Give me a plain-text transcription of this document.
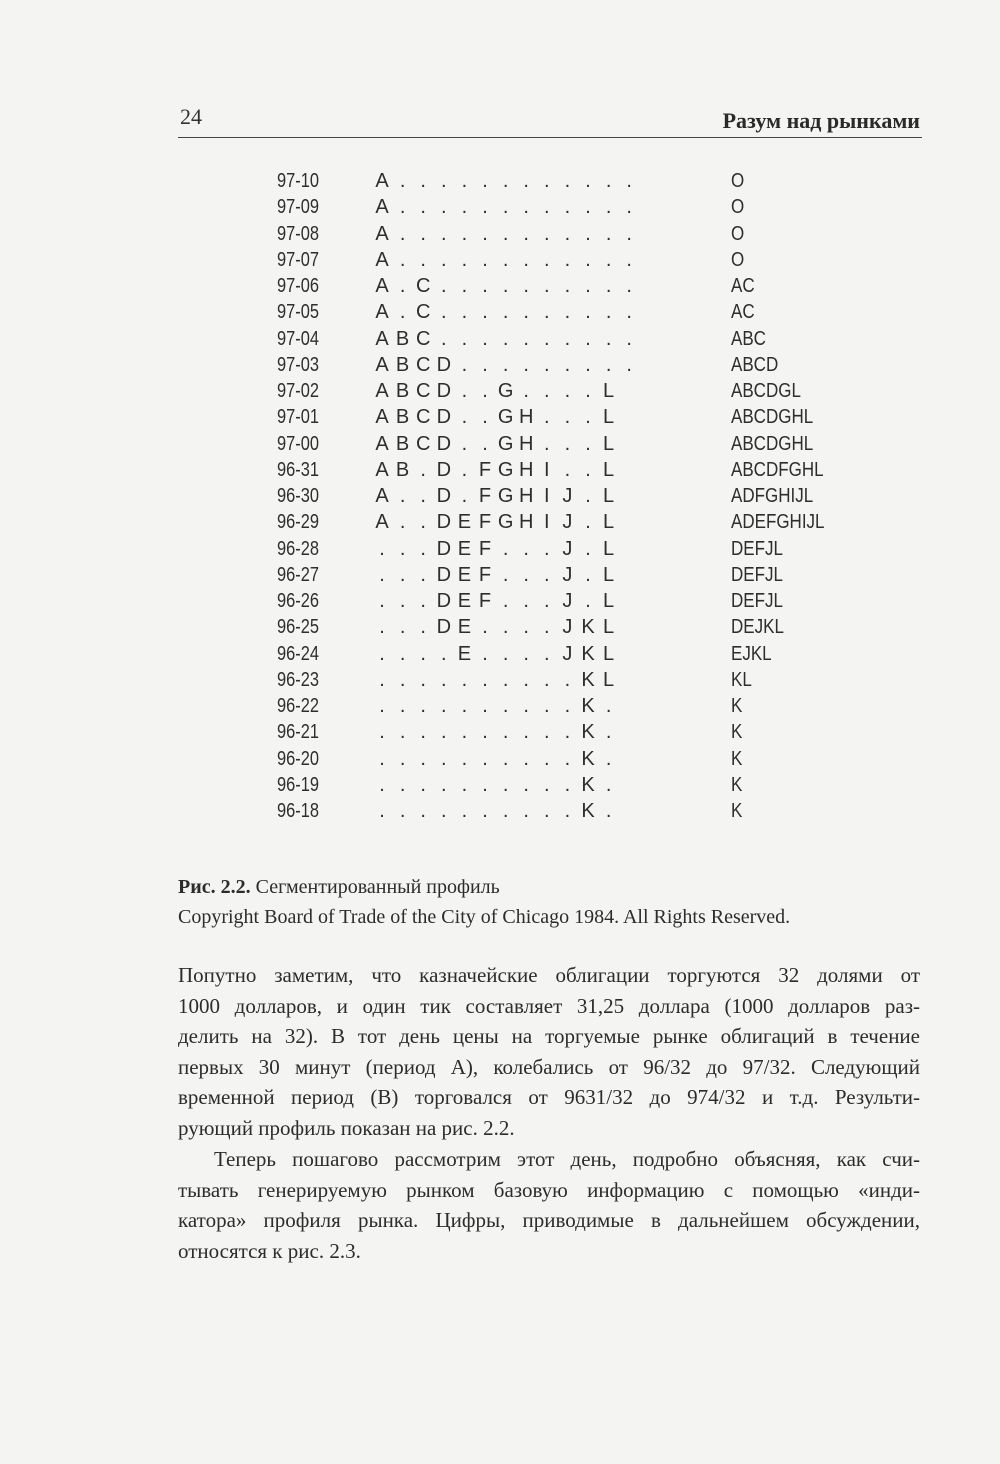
24	Разум над рынками
97-10	A . . . . . . . . . . . .	O
97-09	A . . . . . . . . . . . .	O
97-08	A . . . . . . . . . . . .	O
97-07	A . . . . . . . . . . . .	O
97-06	A . C . . . . . . . . . .	AC
97-05	A . C . . . . . . . . . .	AC
97-04	A B C . . . . . . . . . .	ABC
97-03	A B C D . . . . . . . . .	ABCD
97-02	A B C D . . G . . . . L	ABCDGL
97-01	A B C D . . G H . . . L	ABCDGHL
97-00	A B C D . . G H . . . L	ABCDGHL
96-31	A B . D . F G H I . . L	ABCDFGHL
96-30	A . . D . F G H I J . L	ADFGHIJL
96-29	A . . D E F G H I J . L	ADEFGHIJL
96-28	. . . D E F . . . J . L	DEFJL
96-27	. . . D E F . . . J . L	DEFJL
96-26	. . . D E F . . . J . L	DEFJL
96-25	. . . D E . . . . J K L	DEJKL
96-24	. . . . E . . . . J K L	EJKL
96-23	. . . . . . . . . . K L	KL
96-22	. . . . . . . . . . K .	K
96-21	. . . . . . . . . . K .	K
96-20	. . . . . . . . . . K .	K
96-19	. . . . . . . . . . K .	K
96-18	. . . . . . . . . . K .	K
Рис. 2.2. Сегментированный профиль
Copyright Board of Trade of the City of Chicago 1984. All Rights Reserved.
Попутно заметим, что казначейские облигации торгуются 32 долями от
1000 долларов, и один тик составляет 31,25 доллара (1000 долларов раз-
делить на 32). В тот день цены на торгуемые рынке облигаций в течение
первых 30 минут (период А), колебались от 96/32 до 97/32. Следующий
временной период (В) торговался от 9631/32 до 974/32 и т.д. Результи-
рующий профиль показан на рис. 2.2.
Теперь пошагово рассмотрим этот день, подробно объясняя, как счи-
тывать генерируемую рынком базовую информацию с помощью «инди-
катора» профиля рынка. Цифры, приводимые в дальнейшем обсуждении,
относятся к рис. 2.3.
